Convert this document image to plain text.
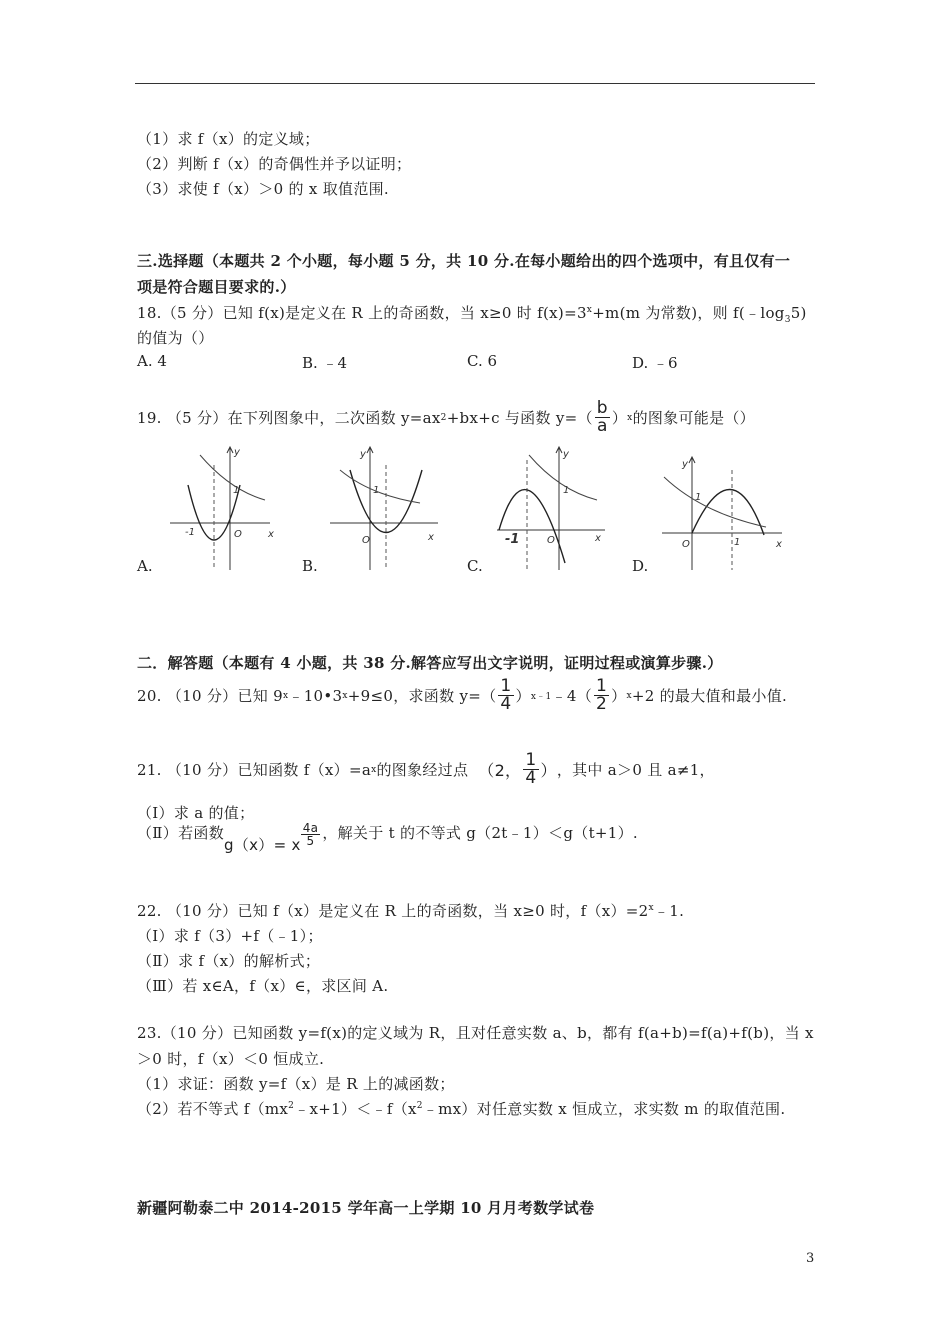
（1）求 f（x）的定义域；
（2）判断 f（x）的奇偶性并予以证明；
（3）求使 f（x）＞0 的 x 取值范围.
三.选择题（本题共 2 个小题，每小题 5 分，共 10 分.在每小题给出的四个选项中，有且仅有一
项是符合题目要求的.）
18.（5 分）已知 f(x)是定义在 R 上的奇函数，当 x≥0 时 $f(x)=3^x+m(m$ 为常数)，则 $f(﹣\log_35)$
的值为（）
A. 4	B. ﹣4	C. 6	D. ﹣6
19. （5 分）在下列图象中，二次函数 y=ax 2 +bx+c 与函数 $y=( \frac{b}{a}$ ） x 的图象可能是（）
y
x
O
1
-1
y
x
O
1
y
x
O
1
-1
y
x
O
1
1
A.	B.	C.	D.
二．解答题（本题有 4 小题，共 38 分.解答应写出文字说明，证明过程或演算步骤.）
20. （10 分）已知 9 x ﹣10•3 x +9≤0，求函数 $y=( \frac{1}{4}$ ） x﹣1 ﹣4（ $\frac{1}{2}$ ） x +2 的最大值和最小值.
21. （10 分）已知函数 f（x）=a x 的图象经过点 （2， $\frac{1}{4}$ ） ，其中 a＞0 且 a≠1，
（Ⅰ）求 a 的值；
（Ⅱ）若函数
g（x）= x $\frac{4a}{5}$ ，解关于 t 的不等式 g（2t﹣1）＜g（t+1）.
22. （10 分）已知 f（x）是定义在 R 上的奇函数，当 x≥0 时，$f(x)=2^x﹣1$.
（Ⅰ）求 f（3）+f（﹣1）；
（Ⅱ）求 f（x）的解析式；
（Ⅲ）若 x∈A，f（x）∈，求区间 A.
23.（10 分）已知函数 y=f(x)的定义域为 R，且对任意实数 a、b，都有 f(a+b)=f(a)+f(b)，当 x
＞0 时，f（x）＜0 恒成立.
（1）求证：函数 y=f（x）是 R 上的减函数；
（2）若不等式 $f(mx^2﹣x+1)<﹣f(x^2﹣mx)$对任意实数 x 恒成立，求实数 m 的取值范围.
新疆阿勒泰二中 2014-2015 学年高一上学期 10 月月考数学试卷
3
